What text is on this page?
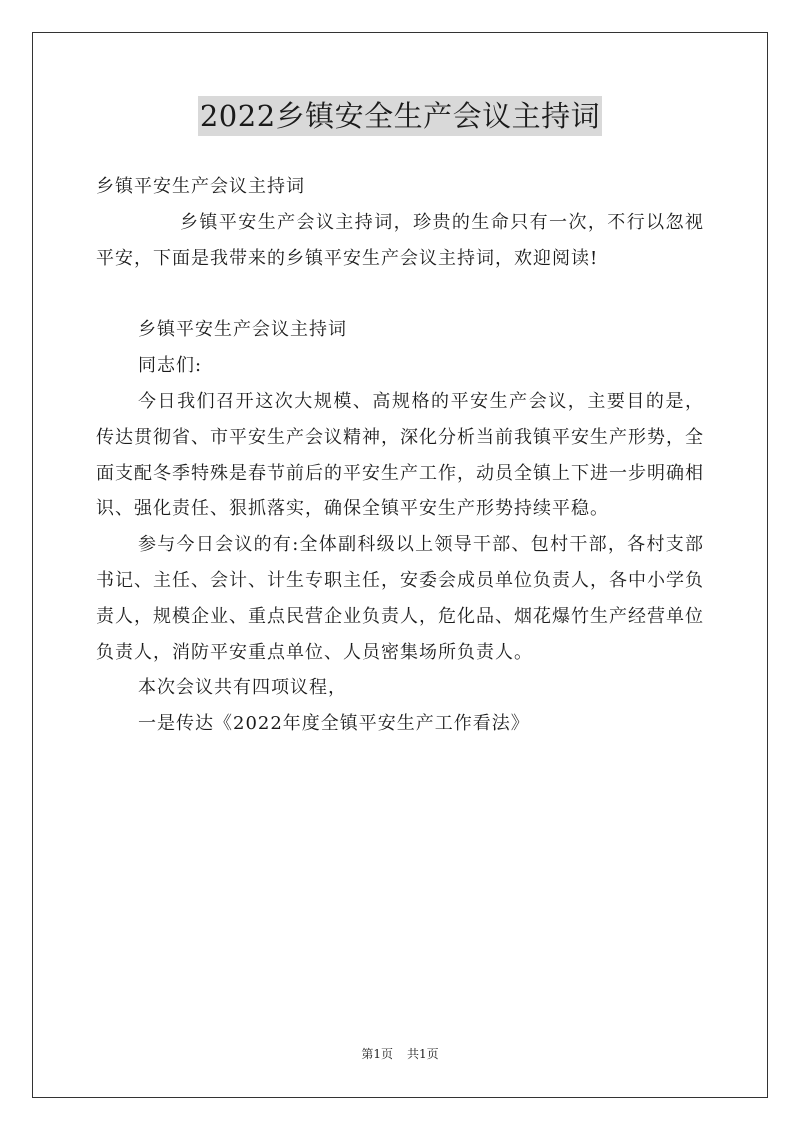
2022乡镇安全生产会议主持词

乡镇平安生产会议主持词

乡镇平安生产会议主持词，珍贵的生命只有一次，不行以忽视平安，下面是我带来的乡镇平安生产会议主持词，欢迎阅读!

乡镇平安生产会议主持词

同志们:

今日我们召开这次大规模、高规格的平安生产会议，主要目的是，传达贯彻省、市平安生产会议精神，深化分析当前我镇平安生产形势，全面支配冬季特殊是春节前后的平安生产工作，动员全镇上下进一步明确相识、强化责任、狠抓落实，确保全镇平安生产形势持续平稳。

参与今日会议的有:全体副科级以上领导干部、包村干部，各村支部书记、主任、会计、计生专职主任，安委会成员单位负责人，各中小学负责人，规模企业、重点民营企业负责人，危化品、烟花爆竹生产经营单位负责人，消防平安重点单位、人员密集场所负责人。

本次会议共有四项议程，

一是传达《2022年度全镇平安生产工作看法》

第1页 共1页
